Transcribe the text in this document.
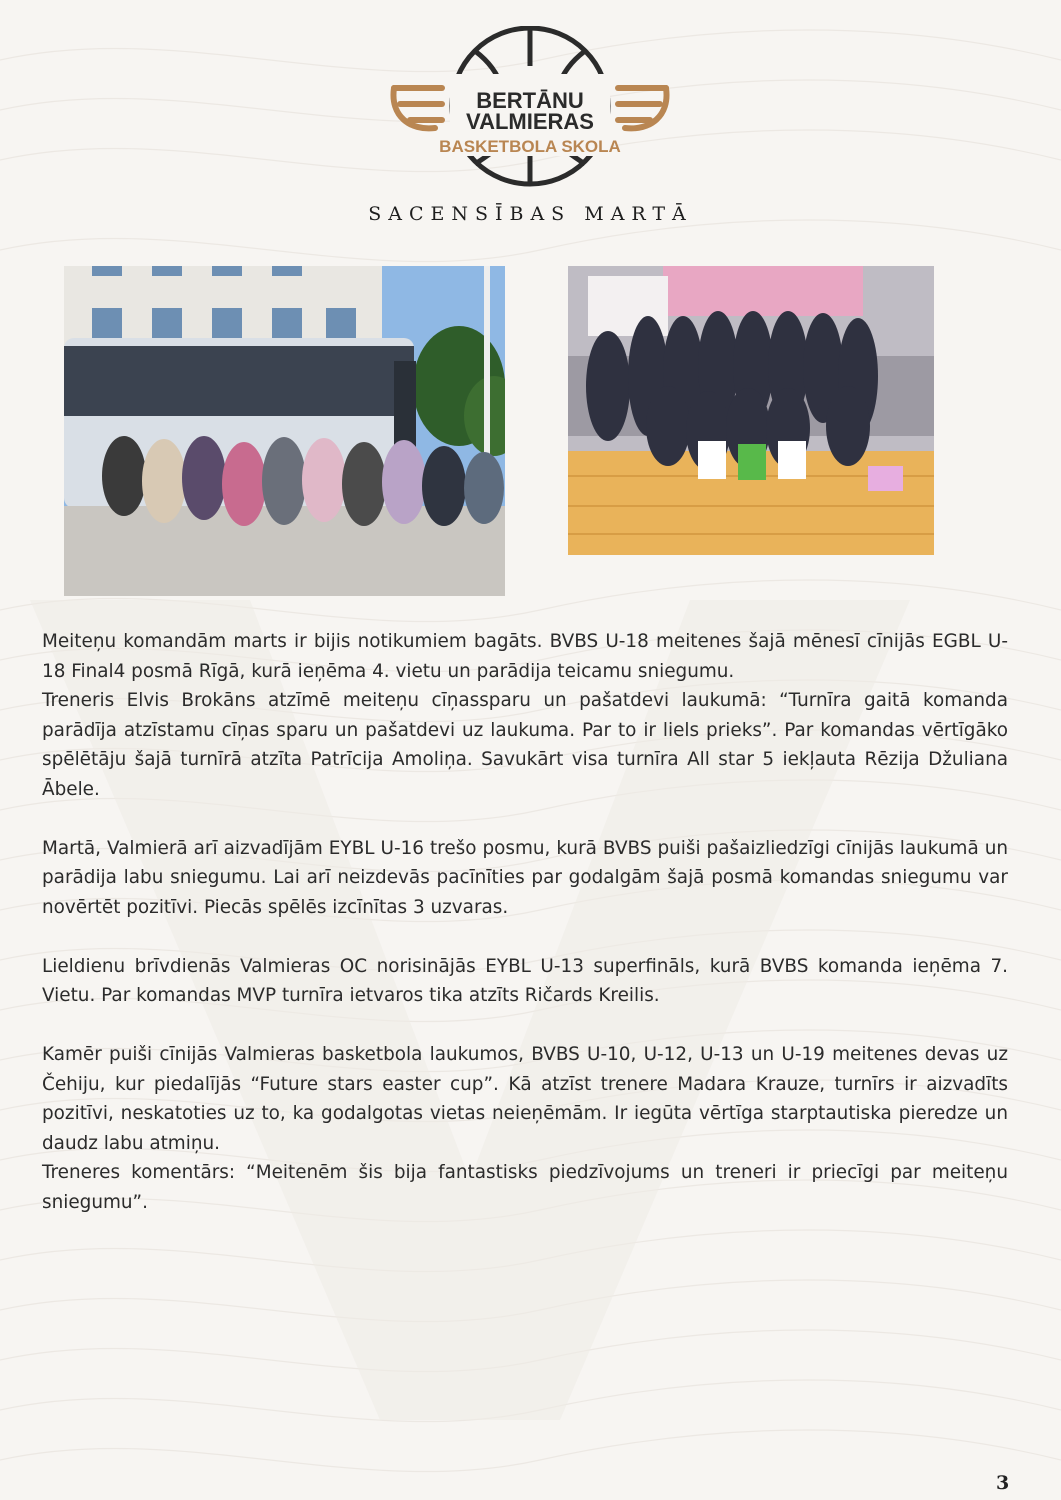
BERTĀNU
VALMIERAS
BASKETBOLA SKOLA
SACENSĪBAS MARTĀ

Meiteņu komandām marts ir bijis notikumiem bagāts. BVBS U-18 meitenes šajā mēnesī cīnijās EGBL U-18 Final4 posmā Rīgā, kurā ieņēma 4. vietu un parādija teicamu sniegumu.

Treneris Elvis Brokāns atzīmē meiteņu cīņassparu un pašatdevi laukumā: “Turnīra gaitā komanda parādīja atzīstamu cīņas sparu un pašatdevi uz laukuma. Par to ir liels prieks”. Par komandas vērtīgāko spēlētāju šajā turnīrā atzīta Patrīcija Amoliņa. Savukārt visa turnīra All star 5 iekļauta Rēzija Džuliana Ābele.

Martā, Valmierā arī aizvadījām EYBL U-16 trešo posmu, kurā BVBS puiši pašaizliedzīgi cīnijās laukumā un parādija labu sniegumu. Lai arī neizdevās pacīnīties par godalgām šajā posmā komandas sniegumu var novērtēt pozitīvi. Piecās spēlēs izcīnītas 3 uzvaras.

Lieldienu brīvdienās Valmieras OC norisinājās EYBL U-13 superfināls, kurā BVBS komanda ieņēma 7. Vietu. Par komandas MVP turnīra ietvaros tika atzīts Ričards Kreilis.

Kamēr puiši cīnijās Valmieras basketbola laukumos, BVBS U-10, U-12, U-13 un U-19 meitenes devas uz Čehiju, kur piedalījās “Future stars easter cup”. Kā atzīst trenere Madara Krauze, turnīrs ir aizvadīts pozitīvi, neskatoties uz to, ka godalgotas vietas neieņēmām. Ir iegūta vērtīga starptautiska pieredze un daudz labu atmiņu.

Treneres komentārs: “Meitenēm šis bija fantastisks piedzīvojums un treneri ir priecīgi par meiteņu sniegumu”.

3
